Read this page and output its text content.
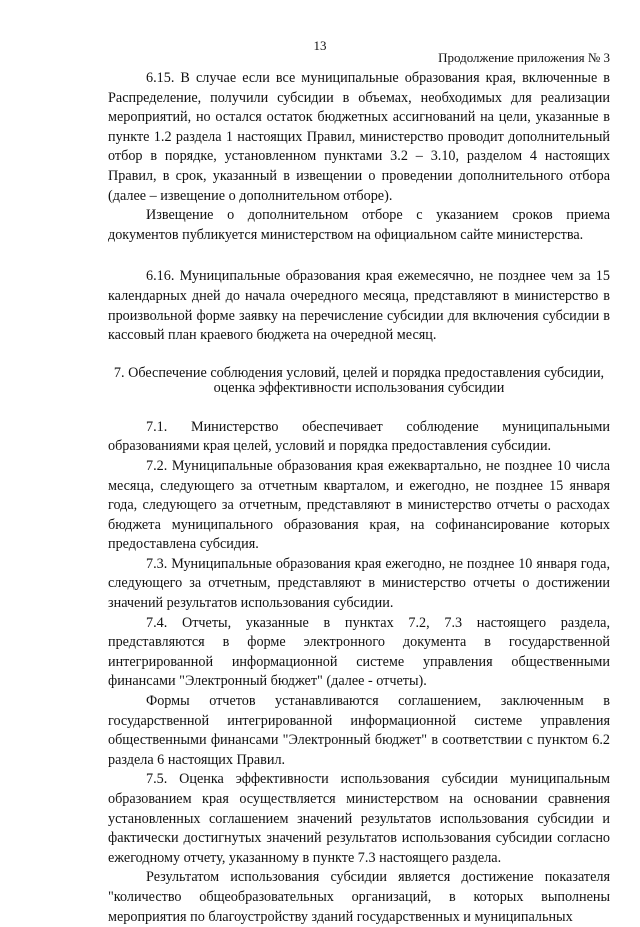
13
Продолжение приложения № 3

6.15. В случае если все муниципальные образования края, включенные в Распределение, получили субсидии в объемах, необходимых для реализации мероприятий, но остался остаток бюджетных ассигнований на цели, указанные в пункте 1.2 раздела 1 настоящих Правил, министерство проводит дополнительный отбор в порядке, установленном пунктами 3.2 – 3.10, разделом 4 настоящих Правил, в срок, указанный в извещении о проведении дополнительного отбора (далее – извещение о дополнительном отборе).

Извещение о дополнительном отборе с указанием сроков приема документов публикуется министерством на официальном сайте министерства.

6.16. Муниципальные образования края ежемесячно, не позднее чем за 15 календарных дней до начала очередного месяца, представляют в министерство в произвольной форме заявку на перечисление субсидии для включения субсидии в кассовый план краевого бюджета на очередной месяц.

7. Обеспечение соблюдения условий, целей и порядка предоставления субсидии, оценка эффективности использования субсидии

7.1. Министерство обеспечивает соблюдение муниципальными образованиями края целей, условий и порядка предоставления субсидии.

7.2. Муниципальные образования края ежеквартально, не позднее 10 числа месяца, следующего за отчетным кварталом, и ежегодно, не позднее 15 января года, следующего за отчетным, представляют в министерство отчеты о расходах бюджета муниципального образования края, на софинансирование которых предоставлена субсидия.

7.3. Муниципальные образования края ежегодно, не позднее 10 января года, следующего за отчетным, представляют в министерство отчеты о достижении значений результатов использования субсидии.

7.4. Отчеты, указанные в пунктах 7.2, 7.3 настоящего раздела, представляются в форме электронного документа в государственной интегрированной информационной системе управления общественными финансами "Электронный бюджет" (далее - отчеты).

Формы отчетов устанавливаются соглашением, заключенным в государственной интегрированной информационной системе управления общественными финансами "Электронный бюджет" в соответствии с пунктом 6.2 раздела 6 настоящих Правил.

7.5. Оценка эффективности использования субсидии муниципальным образованием края осуществляется министерством на основании сравнения установленных соглашением значений результатов использования субсидии и фактически достигнутых значений результатов использования субсидии согласно ежегодному отчету, указанному в пункте 7.3 настоящего раздела.

Результатом использования субсидии является достижение показателя "количество общеобразовательных организаций, в которых выполнены мероприятия по благоустройству зданий государственных и муниципальных
